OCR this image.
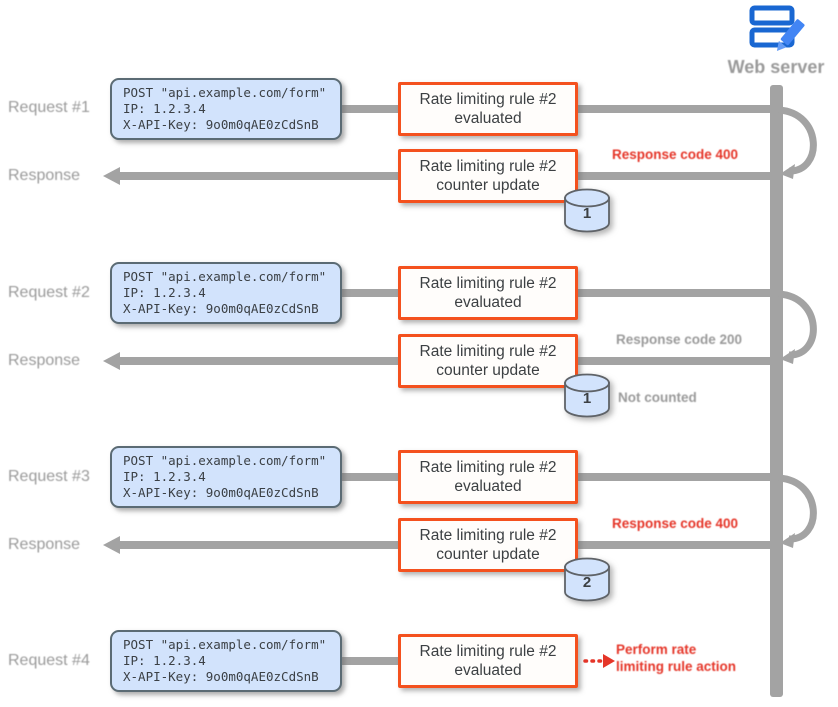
Web server
Request #1
Response
Request #2
Response
Request #3
Response
Request #4
POST "api.example.com/form"
IP: 1.2.3.4
X-API-Key: 9o0m0qAE0zCdSnB
POST "api.example.com/form"
IP: 1.2.3.4
X-API-Key: 9o0m0qAE0zCdSnB
POST "api.example.com/form"
IP: 1.2.3.4
X-API-Key: 9o0m0qAE0zCdSnB
POST "api.example.com/form"
IP: 1.2.3.4
X-API-Key: 9o0m0qAE0zCdSnB
Rate limiting rule #2
evaluated
Rate limiting rule #2
evaluated
Rate limiting rule #2
evaluated
Rate limiting rule #2
evaluated
Rate limiting rule #2
counter update
Rate limiting rule #2
counter update
Rate limiting rule #2
counter update
1
1
2
Response code 400
Response code 200
Not counted
Response code 400
Perform rate
limiting rule action
